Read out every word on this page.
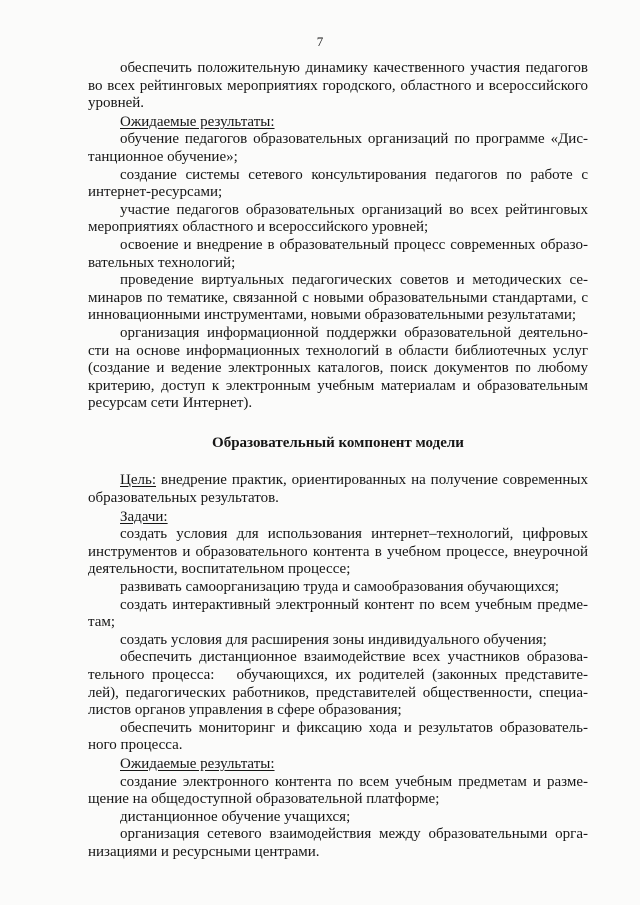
7

обеспечить положительную динамику качественного участия педагогов во всех рейтинговых мероприятиях городского, областного и всероссийского уровней.

Ожидаемые результаты:

обучение педагогов образовательных организаций по программе «Дистанционное обучение»;

создание системы сетевого консультирования педагогов по работе с интернет-ресурсами;

участие педагогов образовательных организаций во всех рейтинговых мероприятиях областного и всероссийского уровней;

освоение и внедрение в образовательный процесс современных образовательных технологий;

проведение виртуальных педагогических советов и методических семинаров по тематике, связанной с новыми образовательными стандартами, с инновационными инструментами, новыми образовательными результатами;

организация информационной поддержки образовательной деятельности на основе информационных технологий в области библиотечных услуг (создание и ведение электронных каталогов, поиск документов по любому критерию, доступ к электронным учебным материалам и образовательным ресурсам сети Интернет).

Образовательный компонент модели

Цель: внедрение практик, ориентированных на получение современных образовательных результатов.

Задачи:

создать условия для использования интернет–технологий, цифровых инструментов и образовательного контента в учебном процессе, внеурочной деятельности, воспитательном процессе;

развивать самоорганизацию труда и самообразования обучающихся;

создать интерактивный электронный контент по всем учебным предметам;

создать условия для расширения зоны индивидуального обучения;

обеспечить дистанционное взаимодействие всех участников образовательного процесса: обучающихся, их родителей (законных представителей), педагогических работников, представителей общественности, специалистов органов управления в сфере образования;

обеспечить мониторинг и фиксацию хода и результатов образовательного процесса.

Ожидаемые результаты:

создание электронного контента по всем учебным предметам и размещение на общедоступной образовательной платформе;

дистанционное обучение учащихся;

организация сетевого взаимодействия между образовательными организациями и ресурсными центрами.
